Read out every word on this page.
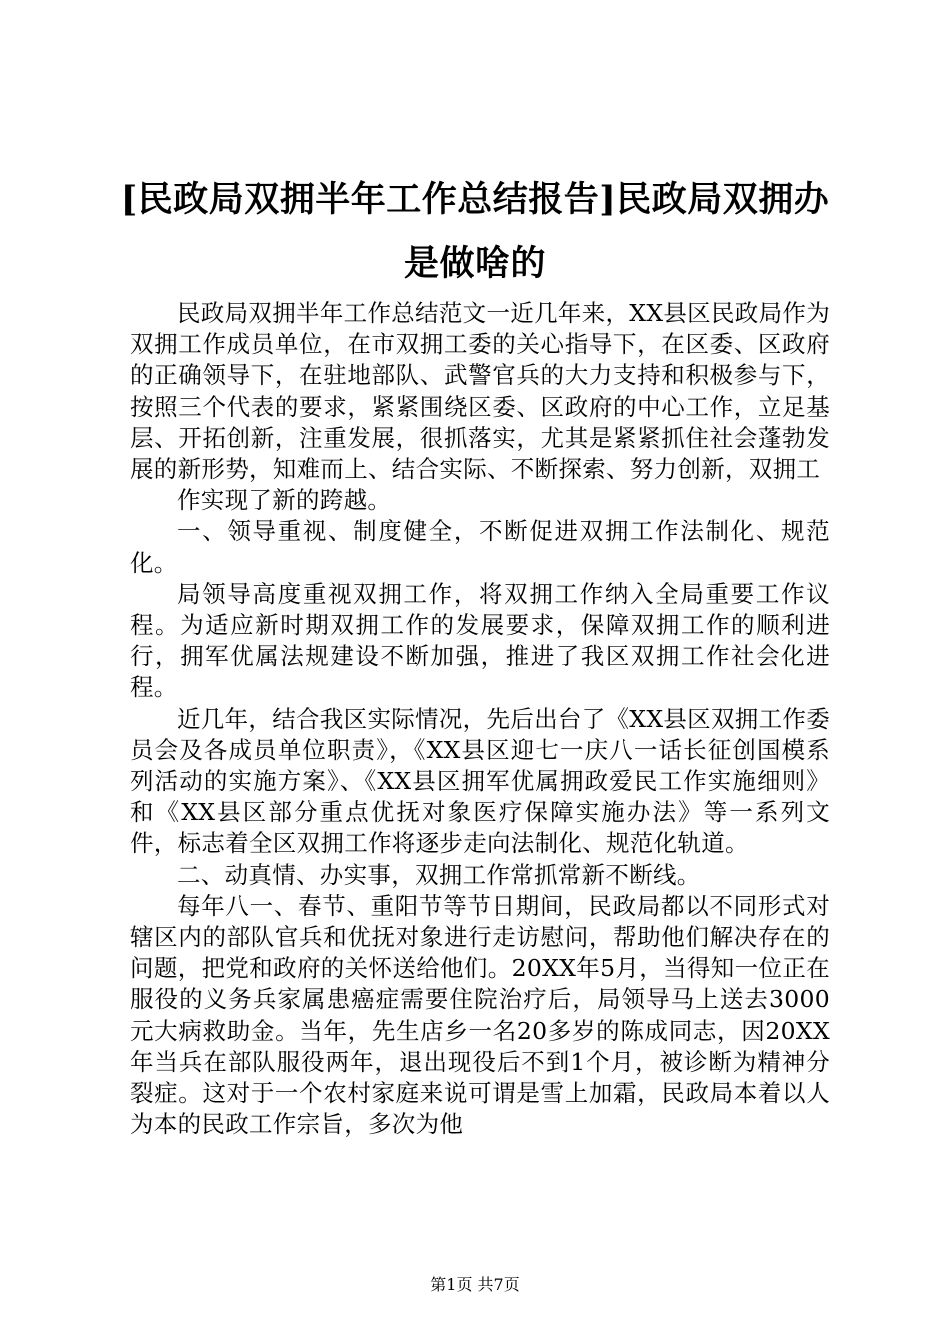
[民政局双拥半年工作总结报告]民政局双拥办是做啥的

民政局双拥半年工作总结范文一近几年来，XX县区民政局作为双拥工作成员单位，在市双拥工委的关心指导下，在区委、区政府的正确领导下，在驻地部队、武警官兵的大力支持和积极参与下，按照三个代表的要求，紧紧围绕区委、区政府的中心工作，立足基层、开拓创新，注重发展，很抓落实，尤其是紧紧抓住社会蓬勃发展的新形势，知难而上、结合实际、不断探索、努力创新，双拥工

作实现了新的跨越。

一、领导重视、制度健全，不断促进双拥工作法制化、规范化。

局领导高度重视双拥工作，将双拥工作纳入全局重要工作议程。为适应新时期双拥工作的发展要求，保障双拥工作的顺利进行，拥军优属法规建设不断加强，推进了我区双拥工作社会化进程。

近几年，结合我区实际情况，先后出台了《XX县区双拥工作委员会及各成员单位职责》，《XX县区迎七一庆八一话长征创国模系列活动的实施方案》、《XX县区拥军优属拥政爱民工作实施细则》和《XX县区部分重点优抚对象医疗保障实施办法》等一系列文件，标志着全区双拥工作将逐步走向法制化、规范化轨道。

二、动真情、办实事，双拥工作常抓常新不断线。

每年八一、春节、重阳节等节日期间，民政局都以不同形式对辖区内的部队官兵和优抚对象进行走访慰问，帮助他们解决存在的问题，把党和政府的关怀送给他们。20XX年5月，当得知一位正在服役的义务兵家属患癌症需要住院治疗后，局领导马上送去3000元大病救助金。当年，先生店乡一名20多岁的陈成同志，因20XX年当兵在部队服役两年，退出现役后不到1个月，被诊断为精神分裂症。这对于一个农村家庭来说可谓是雪上加霜，民政局本着以人为本的民政工作宗旨，多次为他

第1页 共7页
